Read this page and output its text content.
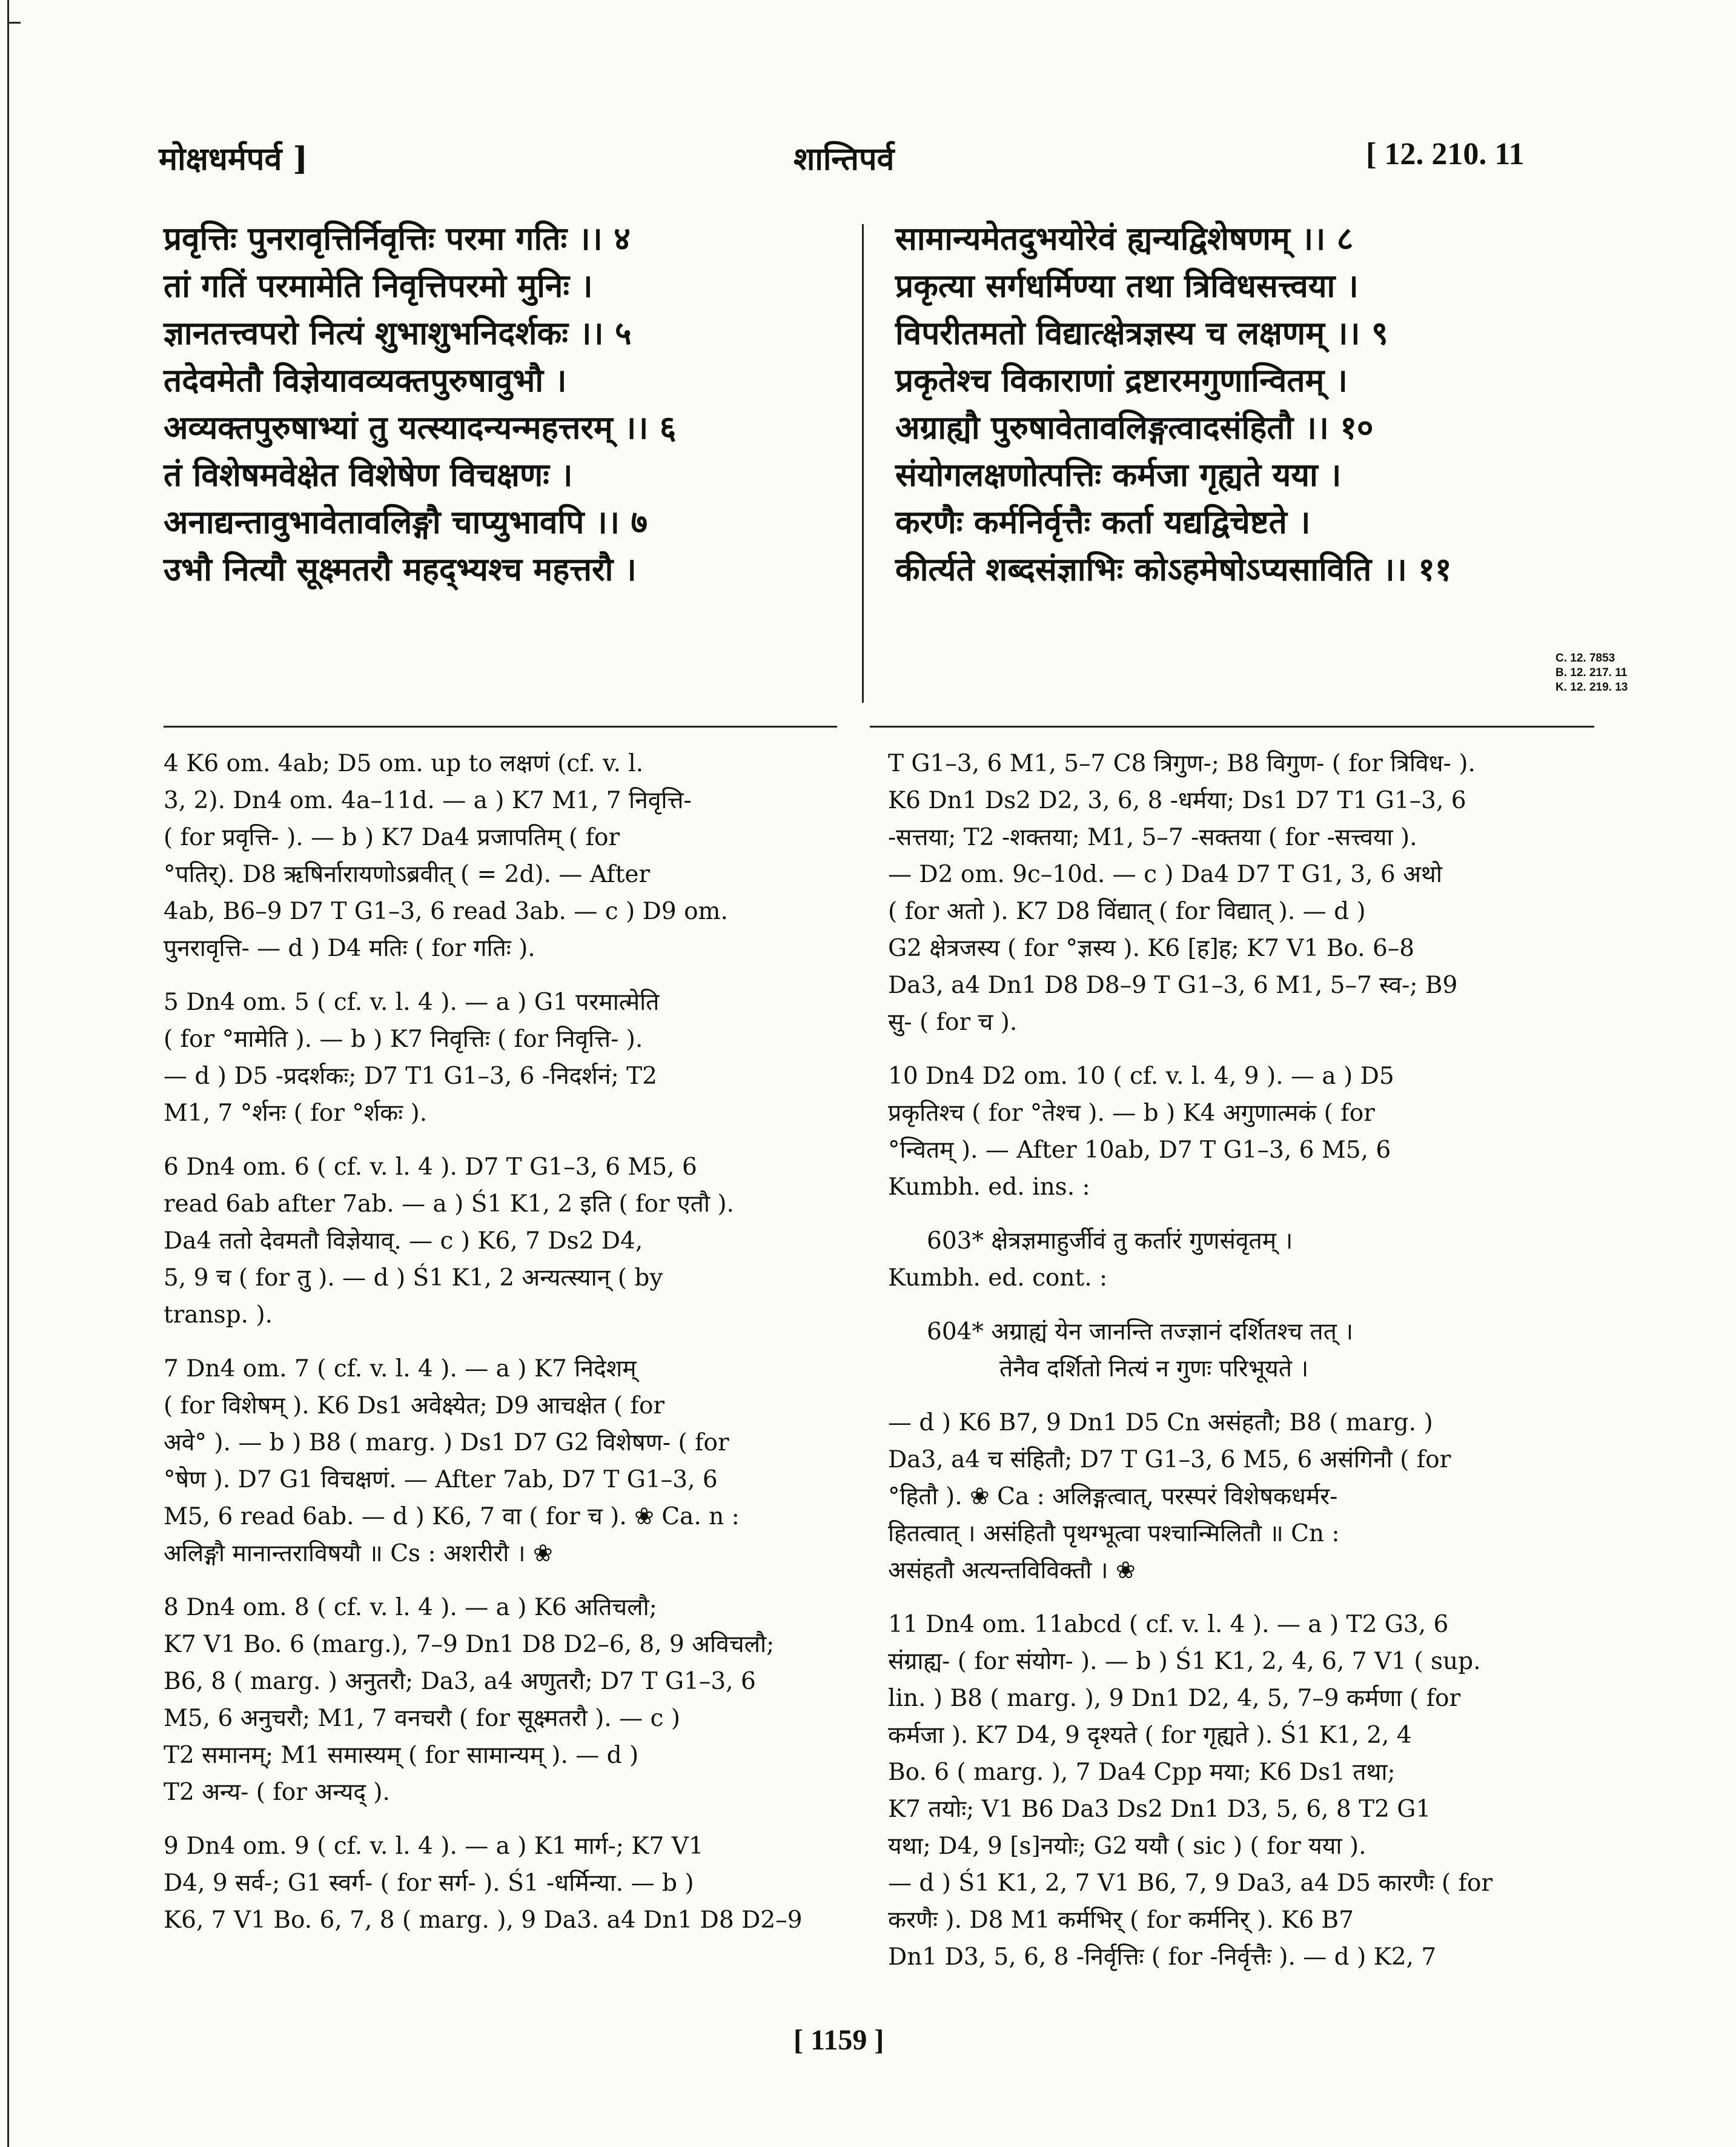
मोक्षधर्मपर्व ]	शान्तिपर्व	[ 12. 210. 11
प्रवृत्तिः पुनरावृत्तिर्निवृत्तिः परमा गतिः ।। ४
तां गतिं परमामेति निवृत्तिपरमो मुनिः ।
ज्ञानतत्त्वपरो नित्यं शुभाशुभनिदर्शकः ।। ५
तदेवमेतौ विज्ञेयावव्यक्तपुरुषावुभौ ।
अव्यक्तपुरुषाभ्यां तु यत्स्यादन्यन्महत्तरम् ।। ६
तं विशेषमवेक्षेत विशेषेण विचक्षणः ।
अनाद्यन्तावुभावेतावलिङ्गौ चाप्युभावपि ।। ७
उभौ नित्यौ सूक्ष्मतरौ महद्भ्यश्च महत्तरौ ।
सामान्यमेतदुभयोरेवं ह्यन्यद्विशेषणम् ।। ८
प्रकृत्या सर्गधर्मिण्या तथा त्रिविधसत्त्वया ।
विपरीतमतो विद्यात्क्षेत्रज्ञस्य च लक्षणम् ।। ९
प्रकृतेश्च विकाराणां द्रष्टारमगुणान्वितम् ।
अग्राह्यौ पुरुषावेतावलिङ्गत्वादसंहितौ ।। १०
संयोगलक्षणोत्पत्तिः कर्मजा गृह्यते यया ।
करणैः कर्मनिर्वृत्तैः कर्ता यद्यद्विचेष्टते ।
कीर्त्यते शब्दसंज्ञाभिः कोऽहमेषोऽप्यसाविति ।। ११
C. 12. 7853
B. 12. 217. 11
K. 12. 219. 13
4 K6 om. 4ab; D5 om. up to लक्षणं (cf. v. l.
3, 2). Dn4 om. 4a–11d. — a ) K7 M1, 7 निवृत्ति-
( for प्रवृत्ति- ). — b ) K7 Da4 प्रजापतिम् ( for
°पतिर्). D8 ऋषिर्नारायणोऽब्रवीत् ( = 2d). — After
4ab, B6–9 D7 T G1–3, 6 read 3ab. — c ) D9 om.
पुनरावृत्ति- — d ) D4 मतिः ( for गतिः ).
5 Dn4 om. 5 ( cf. v. l. 4 ). — a ) G1 परमात्मेति
( for °मामेति ). — b ) K7 निवृत्तिः ( for निवृत्ति- ).
— d ) D5 -प्रदर्शकः; D7 T1 G1–3, 6 -निदर्शनं; T2
M1, 7 °र्शनः ( for °र्शकः ).
6 Dn4 om. 6 ( cf. v. l. 4 ). D7 T G1–3, 6 M5, 6
read 6ab after 7ab. — a ) Ś1 K1, 2 इति ( for एतौ ).
Da4 ततो देवमतौ विज्ञेयाव्. — c ) K6, 7 Ds2 D4,
5, 9 च ( for तु ). — d ) Ś1 K1, 2 अन्यत्स्यान् ( by
transp. ).
7 Dn4 om. 7 ( cf. v. l. 4 ). — a ) K7 निदेशम्
( for विशेषम् ). K6 Ds1 अवेक्ष्येत; D9 आचक्षेत ( for
अवे° ). — b ) B8 ( marg. ) Ds1 D7 G2 विशेषण- ( for
°षेण ). D7 G1 विचक्षणं. — After 7ab, D7 T G1–3, 6
M5, 6 read 6ab. — d ) K6, 7 वा ( for च ). ❀ Ca. n :
अलिङ्गौ मानान्तराविषयौ ॥ Cs : अशरीरौ । ❀
8 Dn4 om. 8 ( cf. v. l. 4 ). — a ) K6 अतिचलौ;
K7 V1 Bo. 6 (marg.), 7–9 Dn1 D8 D2–6, 8, 9 अविचलौ;
B6, 8 ( marg. ) अनुतरौ; Da3, a4 अणुतरौ; D7 T G1–3, 6
M5, 6 अनुचरौ; M1, 7 वनचरौ ( for सूक्ष्मतरौ ). — c )
T2 समानम्; M1 समास्यम् ( for सामान्यम् ). — d )
T2 अन्य- ( for अन्यद् ).
9 Dn4 om. 9 ( cf. v. l. 4 ). — a ) K1 मार्ग-; K7 V1
D4, 9 सर्व-; G1 स्वर्ग- ( for सर्ग- ). Ś1 -धर्मिन्या. — b )
K6, 7 V1 Bo. 6, 7, 8 ( marg. ), 9 Da3. a4 Dn1 D8 D2–9
T G1–3, 6 M1, 5–7 C8 त्रिगुण-; B8 विगुण- ( for त्रिविध- ).
K6 Dn1 Ds2 D2, 3, 6, 8 -धर्मया; Ds1 D7 T1 G1–3, 6
-सत्तया; T2 -शक्तया; M1, 5–7 -सक्तया ( for -सत्त्वया ).
— D2 om. 9c–10d. — c ) Da4 D7 T G1, 3, 6 अथो
( for अतो ). K7 D8 विंद्यात् ( for विद्यात् ). — d )
G2 क्षेत्रजस्य ( for °ज्ञस्य ). K6 [ह]ह; K7 V1 Bo. 6–8
Da3, a4 Dn1 D8 D8–9 T G1–3, 6 M1, 5–7 स्व-; B9
सु- ( for च ).
10 Dn4 D2 om. 10 ( cf. v. l. 4, 9 ). — a ) D5
प्रकृतिश्च ( for °तेश्च ). — b ) K4 अगुणात्मकं ( for
°न्वितम् ). — After 10ab, D7 T G1–3, 6 M5, 6
Kumbh. ed. ins. :
603* क्षेत्रज्ञमाहुर्जीवं तु कर्तारं गुणसंवृतम् ।
Kumbh. ed. cont. :
604* अग्राह्यं येन जानन्ति तज्ज्ञानं दर्शितश्च तत् ।
तेनैव दर्शितो नित्यं न गुणः परिभूयते ।
— d ) K6 B7, 9 Dn1 D5 Cn असंहतौ; B8 ( marg. )
Da3, a4 च संहितौ; D7 T G1–3, 6 M5, 6 असंगिनौ ( for
°हितौ ). ❀ Ca : अलिङ्गत्वात्, परस्परं विशेषकधर्मर-
हितत्वात् । असंहितौ पृथग्भूत्वा पश्चान्मिलितौ ॥ Cn :
असंहतौ अत्यन्तविविक्तौ । ❀
11 Dn4 om. 11abcd ( cf. v. l. 4 ). — a ) T2 G3, 6
संग्राह्य- ( for संयोग- ). — b ) Ś1 K1, 2, 4, 6, 7 V1 ( sup.
lin. ) B8 ( marg. ), 9 Dn1 D2, 4, 5, 7–9 कर्मणा ( for
कर्मजा ). K7 D4, 9 दृश्यते ( for गृह्यते ). Ś1 K1, 2, 4
Bo. 6 ( marg. ), 7 Da4 Cpp मया; K6 Ds1 तथा;
K7 तयोः; V1 B6 Da3 Ds2 Dn1 D3, 5, 6, 8 T2 G1
यथा; D4, 9 [s]नयोः; G2 ययौ ( sic ) ( for यया ).
— d ) Ś1 K1, 2, 7 V1 B6, 7, 9 Da3, a4 D5 कारणैः ( for
करणैः ). D8 M1 कर्मभिर् ( for कर्मनिर् ). K6 B7
Dn1 D3, 5, 6, 8 -निर्वृत्तिः ( for -निर्वृत्तैः ). — d ) K2, 7
[ 1159 ]
